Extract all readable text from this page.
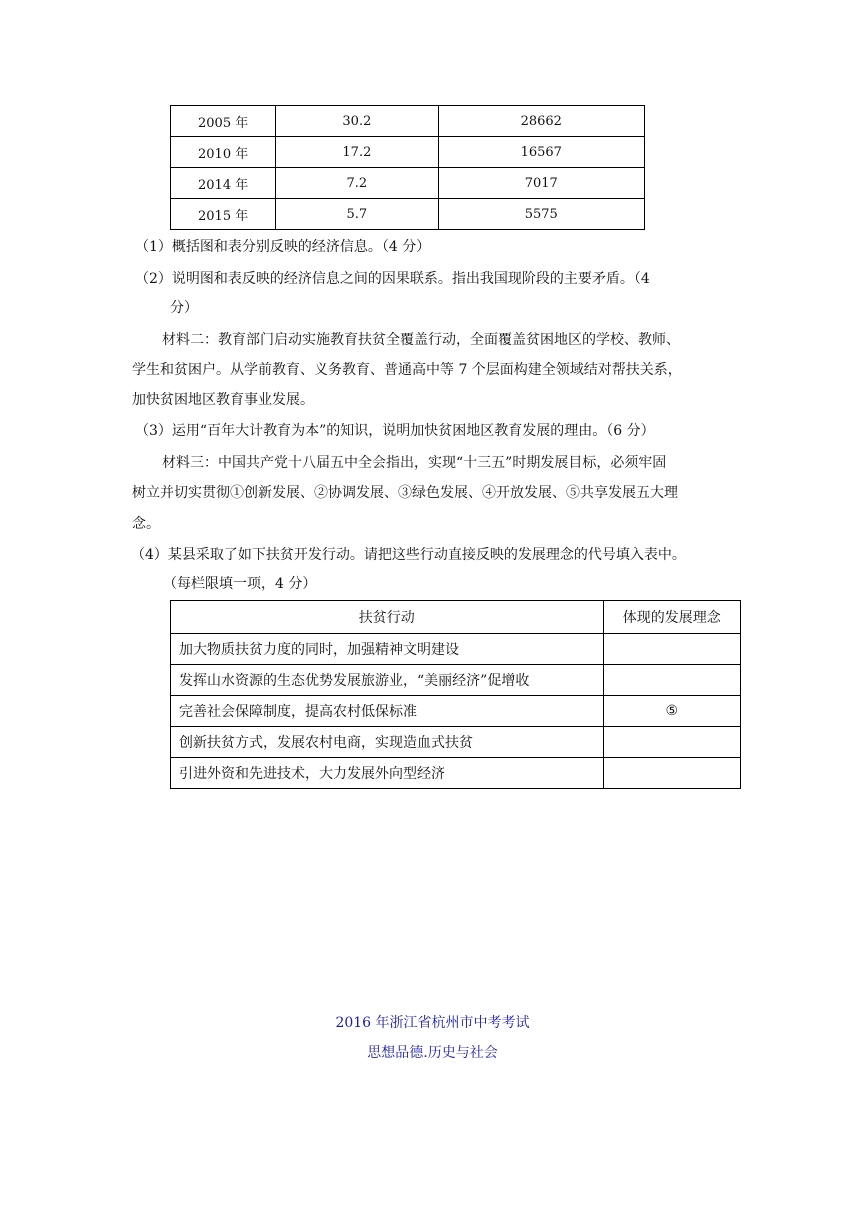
2005 年	30.2	28662
2010 年	17.2	16567
2014 年	7.2	7017
2015 年	5.7	5575
（1）概括图和表分别反映的经济信息。（4 分）
（2）说明图和表反映的经济信息之间的因果联系。指出我国现阶段的主要矛盾。（4
分）
材料二：教育部门启动实施教育扶贫全覆盖行动，全面覆盖贫困地区的学校、教师、
学生和贫困户。从学前教育、义务教育、普通高中等 7 个层面构建全领域结对帮扶关系，
加快贫困地区教育事业发展。
（3）运用“百年大计教育为本”的知识，说明加快贫困地区教育发展的理由。（6 分）
材料三：中国共产党十八届五中全会指出，实现“十三五”时期发展目标，必须牢固
树立并切实贯彻①创新发展、②协调发展、③绿色发展、④开放发展、⑤共享发展五大理
念。
（4）某县采取了如下扶贫开发行动。请把这些行动直接反映的发展理念的代号填入表中。
（每栏限填一项，4 分）
扶贫行动	体现的发展理念
加大物质扶贫力度的同时，加强精神文明建设	
发挥山水资源的生态优势发展旅游业，“美丽经济”促增收	
完善社会保障制度，提高农村低保标准	⑤
创新扶贫方式，发展农村电商，实现造血式扶贫	
引进外资和先进技术，大力发展外向型经济	
2016 年浙江省杭州市中考考试
思想品德.历史与社会
